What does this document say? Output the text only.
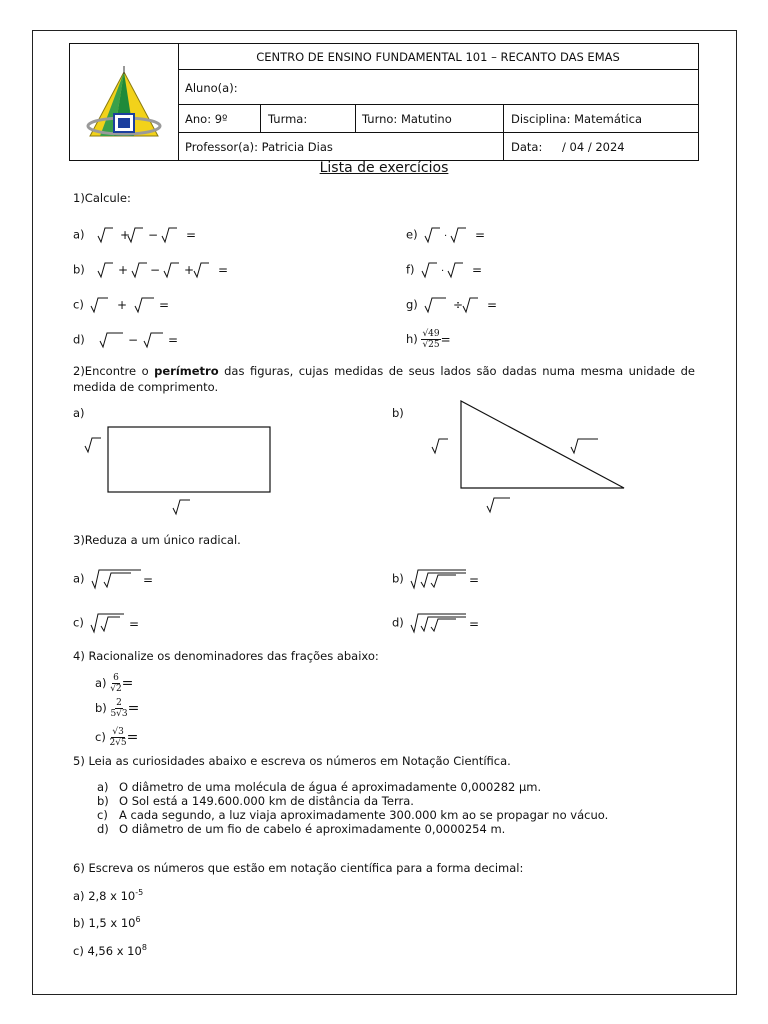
CENTRO DE ENSINO FUNDAMENTAL 101 – RECANTO DAS EMAS
Aluno(a):
Ano: 9º	Turma:	Turno: Matutino	Disciplina: Matemática
Professor(a): Patricia Dias	Data: / 04 / 2024
Lista de exercícios
1)Calcule:
a)	+ − =
b)	+ − + =
c)	+	=
d)	− =
e)	· =
f)	· =
g)	÷ =
$h) \frac{√49}{√25}$ =
2)Encontre o perímetro das figuras, cujas medidas de seus lados são dadas numa mesma unidade de medida de comprimento.
a)	b)
3)Reduza a um único radical.
a)	=	b)	=
c)	=	d)	=
4) Racionalize os denominadores das frações abaixo:
$a) \frac{6}{√2}$ =
$b) \frac{2}{5√3}$ =
$c) \frac{√3}{2√5}$ =
5) Leia as curiosidades abaixo e escreva os números em Notação Científica.
a) O diâmetro de uma molécula de água é aproximadamente 0,000282 µm.
b) O Sol está a 149.600.000 km de distância da Terra.
c) A cada segundo, a luz viaja aproximadamente 300.000 km ao se propagar no vácuo.
d) O diâmetro de um fio de cabelo é aproximadamente 0,0000254 m.
6) Escreva os números que estão em notação científica para a forma decimal:
a) 2,8 x $10^{-5}$
b) 1,5 x $10^6$
c) 4,56 x $10^8$
